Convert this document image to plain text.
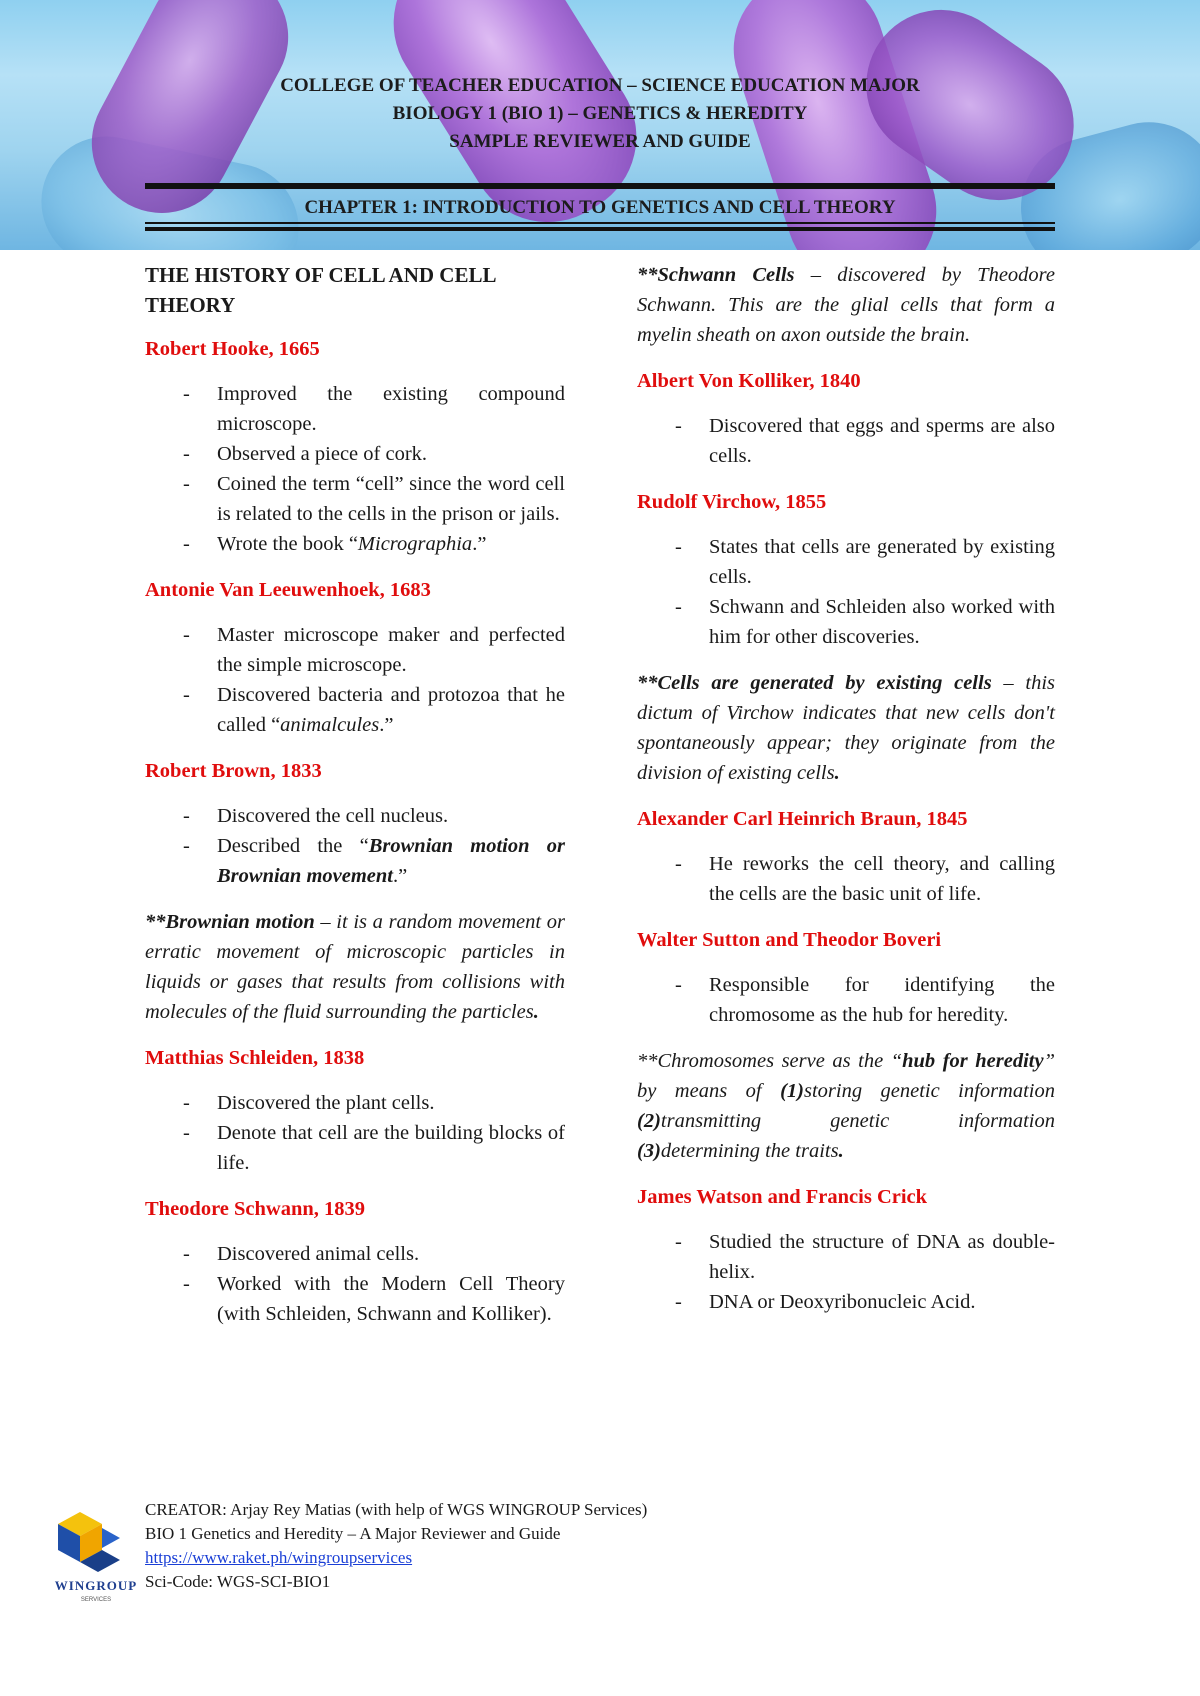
COLLEGE OF TEACHER EDUCATION – SCIENCE EDUCATION MAJOR
BIOLOGY 1 (BIO 1) – GENETICS & HEREDITY
SAMPLE REVIEWER AND GUIDE
CHAPTER 1: INTRODUCTION TO GENETICS AND CELL THEORY
THE HISTORY OF CELL AND CELL THEORY
Robert Hooke, 1665
- Improved the existing compound microscope.
- Observed a piece of cork.
- Coined the term “cell” since the word cell is related to the cells in the prison or jails.
- Wrote the book “Micrographia.”
Antonie Van Leeuwenhoek, 1683
- Master microscope maker and perfected the simple microscope.
- Discovered bacteria and protozoa that he called “animalcules.”
Robert Brown, 1833
- Discovered the cell nucleus.
- Described the “Brownian motion or Brownian movement.”
**Brownian motion – it is a random movement or erratic movement of microscopic particles in liquids or gases that results from collisions with molecules of the fluid surrounding the particles.
Matthias Schleiden, 1838
- Discovered the plant cells.
- Denote that cell are the building blocks of life.
Theodore Schwann, 1839
- Discovered animal cells.
- Worked with the Modern Cell Theory (with Schleiden, Schwann and Kolliker).
**Schwann Cells – discovered by Theodore Schwann. This are the glial cells that form a myelin sheath on axon outside the brain.
Albert Von Kolliker, 1840
- Discovered that eggs and sperms are also cells.
Rudolf Virchow, 1855
- States that cells are generated by existing cells.
- Schwann and Schleiden also worked with him for other discoveries.
**Cells are generated by existing cells – this dictum of Virchow indicates that new cells don't spontaneously appear; they originate from the division of existing cells.
Alexander Carl Heinrich Braun, 1845
- He reworks the cell theory, and calling the cells are the basic unit of life.
Walter Sutton and Theodor Boveri
- Responsible for identifying the chromosome as the hub for heredity.
**Chromosomes serve as the “hub for heredity” by means of (1)storing genetic information (2)transmitting genetic information (3)determining the traits.
James Watson and Francis Crick
- Studied the structure of DNA as double-helix.
- DNA or Deoxyribonucleic Acid.
WINGROUP
SERVICES
CREATOR: Arjay Rey Matias (with help of WGS WINGROUP Services)
BIO 1 Genetics and Heredity – A Major Reviewer and Guide
https://www.raket.ph/wingroupservices
Sci-Code: WGS-SCI-BIO1
